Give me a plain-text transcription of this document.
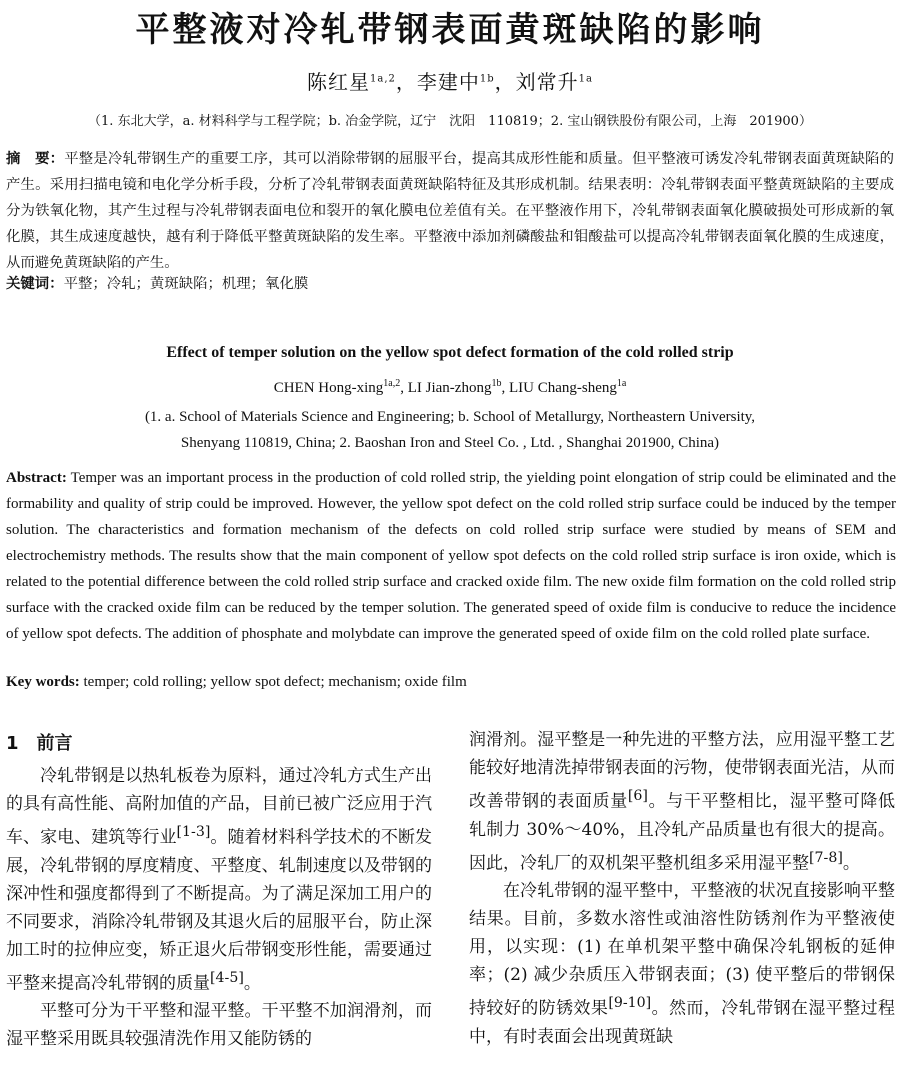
平整液对冷轧带钢表面黄斑缺陷的影响
陈红星$^{1a,2}$，李建中$^{1b}$，刘常升$^{1a}$
（1. 东北大学，a. 材料科学与工程学院；b. 冶金学院，辽宁　沈阳　110819；2. 宝山钢铁股份有限公司，上海　201900）
摘　要：平整是冷轧带钢生产的重要工序，其可以消除带钢的屈服平台，提高其成形性能和质量。但平整液可诱发冷轧带钢表面黄斑缺陷的产生。采用扫描电镜和电化学分析手段，分析了冷轧带钢表面黄斑缺陷特征及其形成机制。结果表明：冷轧带钢表面平整黄斑缺陷的主要成分为铁氧化物，其产生过程与冷轧带钢表面电位和裂开的氧化膜电位差值有关。在平整液作用下，冷轧带钢表面氧化膜破损处可形成新的氧化膜，其生成速度越快，越有利于降低平整黄斑缺陷的发生率。平整液中添加剂磷酸盐和钼酸盐可以提高冷轧带钢表面氧化膜的生成速度，从而避免黄斑缺陷的产生。
关键词：平整；冷轧；黄斑缺陷；机理；氧化膜
Effect of temper solution on the yellow spot defect formation of the cold rolled strip
CHEN Hong-xing$^{1a,2}$, LI Jian-zhong$^{1b}$, LIU Chang-sheng$^{1a}$
(1. a. School of Materials Science and Engineering; b. School of Metallurgy, Northeastern University,
Shenyang 110819, China; 2. Baoshan Iron and Steel Co. , Ltd. , Shanghai 201900, China)
Abstract: Temper was an important process in the production of cold rolled strip, the yielding point elongation of strip could be eliminated and the formability and quality of strip could be improved. However, the yellow spot defect on the cold rolled strip surface could be induced by the temper solution. The characteristics and formation mechanism of the defects on cold rolled strip surface were studied by means of SEM and electrochemistry methods. The results show that the main component of yellow spot defects on the cold rolled strip surface is iron oxide, which is related to the potential difference between the cold rolled strip surface and cracked oxide film. The new oxide film formation on the cold rolled strip surface with the cracked oxide film can be reduced by the temper solution. The generated speed of oxide film is conducive to reduce the incidence of yellow spot defects. The addition of phosphate and molybdate can improve the generated speed of oxide film on the cold rolled plate surface.
Key words: temper; cold rolling; yellow spot defect; mechanism; oxide film
1　前言

冷轧带钢是以热轧板卷为原料，通过冷轧方式生产出的具有高性能、高附加值的产品，目前已被广泛应用于汽车、家电、建筑等行业[1-3]。随着材料科学技术的不断发展，冷轧带钢的厚度精度、平整度、轧制速度以及带钢的深冲性和强度都得到了不断提高。为了满足深加工用户的不同要求，消除冷轧带钢及其退火后的屈服平台，防止深加工时的拉伸应变，矫正退火后带钢变形性能，需要通过平整来提高冷轧带钢的质量[4-5]。

平整可分为干平整和湿平整。干平整不加润滑剂，而湿平整采用既具较强清洗作用又能防锈的

润滑剂。湿平整是一种先进的平整方法，应用湿平整工艺能较好地清洗掉带钢表面的污物，使带钢表面光洁，从而改善带钢的表面质量[6]。与干平整相比，湿平整可降低轧制力 30%～40%，且冷轧产品质量也有很大的提高。因此，冷轧厂的双机架平整机组多采用湿平整[7-8]。

在冷轧带钢的湿平整中，平整液的状况直接影响平整结果。目前，多数水溶性或油溶性防锈剂作为平整液使用，以实现：(1) 在单机架平整中确保冷轧钢板的延伸率；(2) 减少杂质压入带钢表面；(3) 使平整后的带钢保持较好的防锈效果[9-10]。然而，冷轧带钢在湿平整过程中，有时表面会出现黄斑缺
